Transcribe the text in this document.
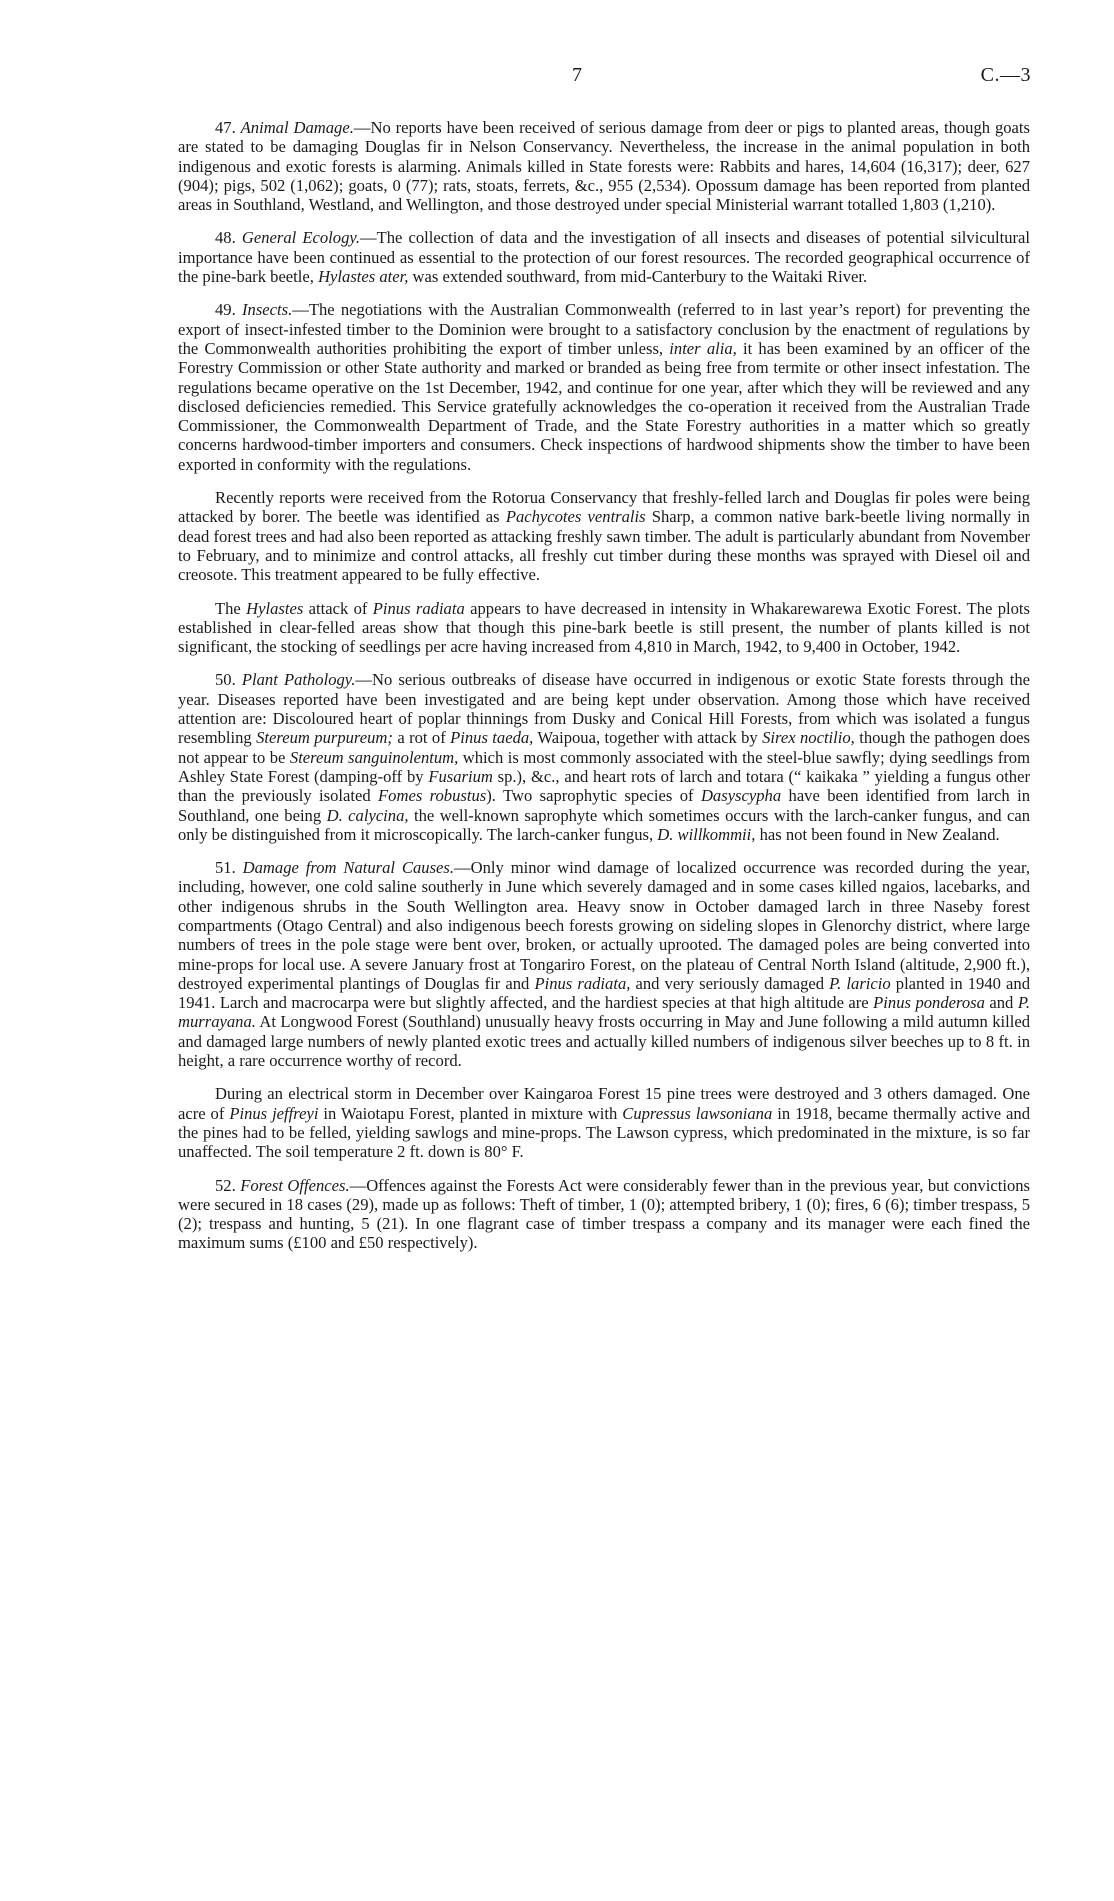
7	C.—3

47. Animal Damage.—No reports have been received of serious damage from deer or pigs to planted areas, though goats are stated to be damaging Douglas fir in Nelson Conservancy. Nevertheless, the increase in the animal population in both indigenous and exotic forests is alarming. Animals killed in State forests were: Rabbits and hares, 14,604 (16,317); deer, 627 (904); pigs, 502 (1,062); goats, 0 (77); rats, stoats, ferrets, &c., 955 (2,534). Opossum damage has been reported from planted areas in Southland, Westland, and Wellington, and those destroyed under special Ministerial warrant totalled 1,803 (1,210).

48. General Ecology.—The collection of data and the investigation of all insects and diseases of potential silvicultural importance have been continued as essential to the protection of our forest resources. The recorded geographical occurrence of the pine-bark beetle, Hylastes ater, was extended southward, from mid-Canterbury to the Waitaki River.

49. Insects.—The negotiations with the Australian Commonwealth (referred to in last year’s report) for preventing the export of insect-infested timber to the Dominion were brought to a satisfactory conclusion by the enactment of regulations by the Commonwealth authorities prohibiting the export of timber unless, inter alia, it has been examined by an officer of the Forestry Commission or other State authority and marked or branded as being free from termite or other insect infestation. The regulations became operative on the 1st December, 1942, and continue for one year, after which they will be reviewed and any disclosed deficiencies remedied. This Service gratefully acknowledges the co-operation it received from the Australian Trade Commissioner, the Commonwealth Department of Trade, and the State Forestry authorities in a matter which so greatly concerns hardwood-timber importers and consumers. Check inspections of hardwood shipments show the timber to have been exported in conformity with the regulations.

Recently reports were received from the Rotorua Conservancy that freshly-felled larch and Douglas fir poles were being attacked by borer. The beetle was identified as Pachycotes ventralis Sharp, a common native bark-beetle living normally in dead forest trees and had also been reported as attacking freshly sawn timber. The adult is particularly abundant from November to February, and to minimize and control attacks, all freshly cut timber during these months was sprayed with Diesel oil and creosote. This treatment appeared to be fully effective.

The Hylastes attack of Pinus radiata appears to have decreased in intensity in Whakarewarewa Exotic Forest. The plots established in clear-felled areas show that though this pine-bark beetle is still present, the number of plants killed is not significant, the stocking of seedlings per acre having increased from 4,810 in March, 1942, to 9,400 in October, 1942.

50. Plant Pathology.—No serious outbreaks of disease have occurred in indigenous or exotic State forests through the year. Diseases reported have been investigated and are being kept under observation. Among those which have received attention are: Discoloured heart of poplar thinnings from Dusky and Conical Hill Forests, from which was isolated a fungus resembling Stereum purpureum; a rot of Pinus taeda, Waipoua, together with attack by Sirex noctilio, though the pathogen does not appear to be Stereum sanguinolentum, which is most commonly associated with the steel-blue sawfly; dying seedlings from Ashley State Forest (damping-off by Fusarium sp.), &c., and heart rots of larch and totara (“ kaikaka ” yielding a fungus other than the previously isolated Fomes robustus). Two saprophytic species of Dasyscypha have been identified from larch in Southland, one being D. calycina, the well-known saprophyte which sometimes occurs with the larch-canker fungus, and can only be distinguished from it microscopically. The larch-canker fungus, D. willkommii, has not been found in New Zealand.

51. Damage from Natural Causes.—Only minor wind damage of localized occurrence was recorded during the year, including, however, one cold saline southerly in June which severely damaged and in some cases killed ngaios, lacebarks, and other indigenous shrubs in the South Wellington area. Heavy snow in October damaged larch in three Naseby forest compartments (Otago Central) and also indigenous beech forests growing on sideling slopes in Glenorchy district, where large numbers of trees in the pole stage were bent over, broken, or actually uprooted. The damaged poles are being converted into mine-props for local use. A severe January frost at Tongariro Forest, on the plateau of Central North Island (altitude, 2,900 ft.), destroyed experimental plantings of Douglas fir and Pinus radiata, and very seriously damaged P. laricio planted in 1940 and 1941. Larch and macrocarpa were but slightly affected, and the hardiest species at that high altitude are Pinus ponderosa and P. murrayana. At Longwood Forest (Southland) unusually heavy frosts occurring in May and June following a mild autumn killed and damaged large numbers of newly planted exotic trees and actually killed numbers of indigenous silver beeches up to 8 ft. in height, a rare occurrence worthy of record.

During an electrical storm in December over Kaingaroa Forest 15 pine trees were destroyed and 3 others damaged. One acre of Pinus jeffreyi in Waiotapu Forest, planted in mixture with Cupressus lawsoniana in 1918, became thermally active and the pines had to be felled, yielding sawlogs and mine-props. The Lawson cypress, which predominated in the mixture, is so far unaffected. The soil temperature 2 ft. down is 80° F.

52. Forest Offences.—Offences against the Forests Act were considerably fewer than in the previous year, but convictions were secured in 18 cases (29), made up as follows: Theft of timber, 1 (0); attempted bribery, 1 (0); fires, 6 (6); timber trespass, 5 (2); trespass and hunting, 5 (21). In one flagrant case of timber trespass a company and its manager were each fined the maximum sums (£100 and £50 respectively).
